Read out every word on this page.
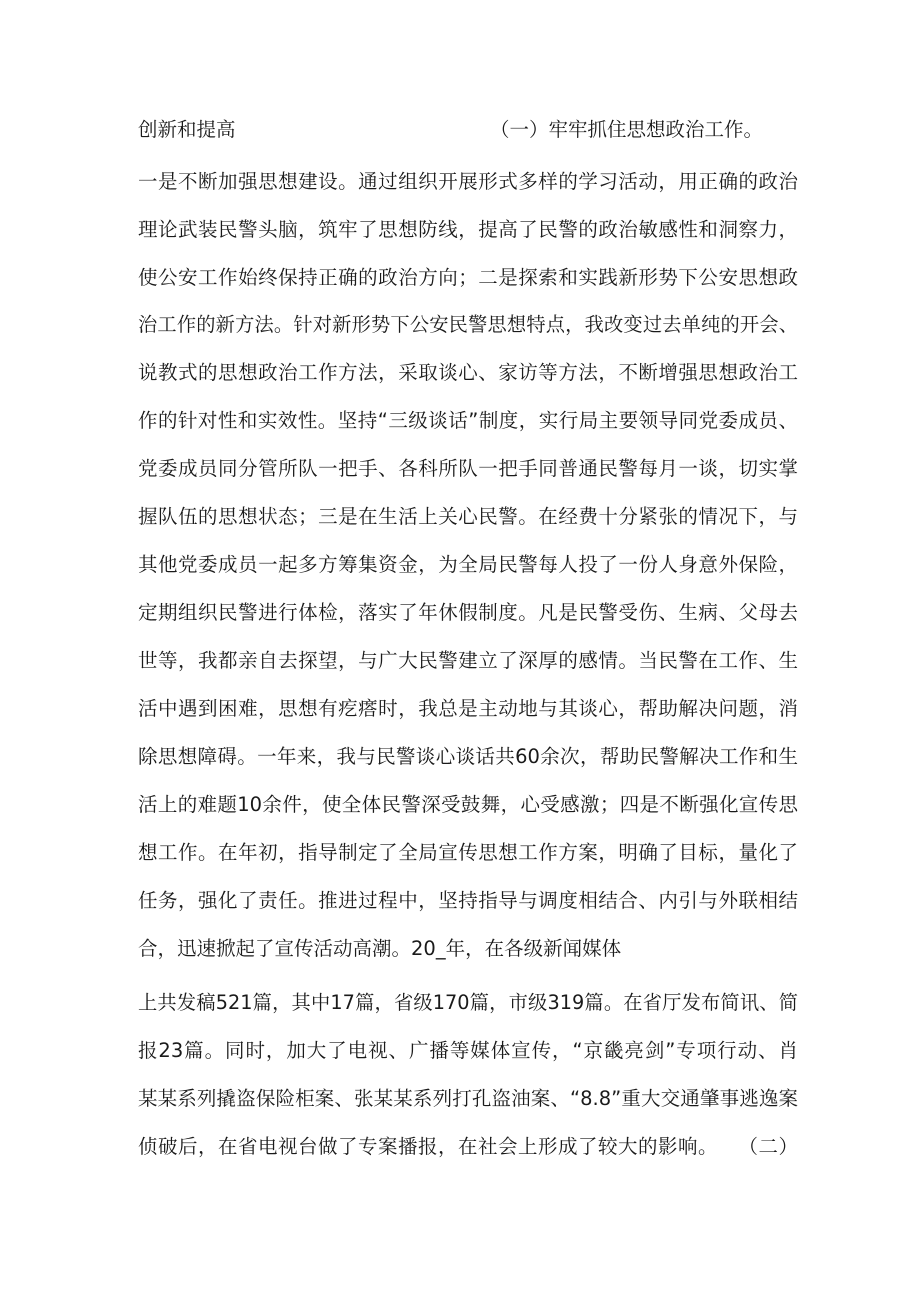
创新和提高	（一）牢牢抓住思想政治工作。
一是不断加强思想建设。通过组织开展形式多样的学习活动，用正确的政治
理论武装民警头脑，筑牢了思想防线，提高了民警的政治敏感性和洞察力，
使公安工作始终保持正确的政治方向；二是探索和实践新形势下公安思想政
治工作的新方法。针对新形势下公安民警思想特点，我改变过去单纯的开会、
说教式的思想政治工作方法，采取谈心、家访等方法，不断增强思想政治工
作的针对性和实效性。坚持“三级谈话”制度，实行局主要领导同党委成员、
党委成员同分管所队一把手、各科所队一把手同普通民警每月一谈，切实掌
握队伍的思想状态；三是在生活上关心民警。在经费十分紧张的情况下，与
其他党委成员一起多方筹集资金，为全局民警每人投了一份人身意外保险，
定期组织民警进行体检，落实了年休假制度。凡是民警受伤、生病、父母去
世等，我都亲自去探望，与广大民警建立了深厚的感情。当民警在工作、生
活中遇到困难，思想有疙瘩时，我总是主动地与其谈心，帮助解决问题，消
除思想障碍。一年来，我与民警谈心谈话共60余次，帮助民警解决工作和生
活上的难题10余件，使全体民警深受鼓舞，心受感激；四是不断强化宣传思
想工作。在年初，指导制定了全局宣传思想工作方案，明确了目标，量化了
任务，强化了责任。推进过程中，坚持指导与调度相结合、内引与外联相结
合，迅速掀起了宣传活动高潮。20_年，在各级新闻媒体
上共发稿521篇，其中17篇，省级170篇，市级319篇。在省厅发布简讯、简
报23篇。同时，加大了电视、广播等媒体宣传，“京畿亮剑”专项行动、肖
某某系列撬盗保险柜案、张某某系列打孔盗油案、“8.8”重大交通肇事逃逸案
侦破后，在省电视台做了专案播报，在社会上形成了较大的影响。　　（二）
